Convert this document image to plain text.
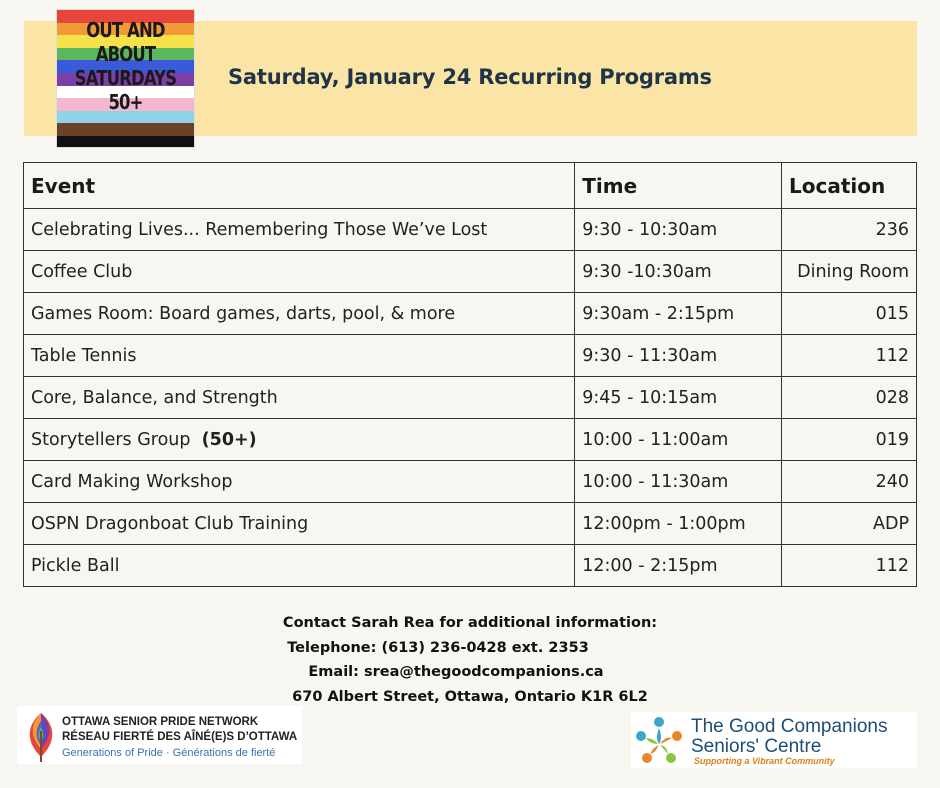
OUT AND
ABOUT
SATURDAYS
50+
Saturday, January 24 Recurring Programs
Event	Time	Location
Celebrating Lives... Remembering Those We’ve Lost	9:30 - 10:30am	236
Coffee Club	9:30 -10:30am	Dining Room
Games Room: Board games, darts, pool, & more	9:30am - 2:15pm	015
Table Tennis	9:30 - 11:30am	112
Core, Balance, and Strength	9:45 - 10:15am	028
Storytellers Group (50+)	10:00 - 11:00am	019
Card Making Workshop	10:00 - 11:30am	240
OSPN Dragonboat Club Training	12:00pm - 1:00pm	ADP
Pickle Ball	12:00 - 2:15pm	112
Contact Sarah Rea for additional information:
Telephone: (613) 236-0428 ext. 2353
Email: srea@thegoodcompanions.ca
670 Albert Street, Ottawa, Ontario K1R 6L2
OTTAWA SENIOR PRIDE NETWORK
RÉSEAU FIERTÉ DES AÎNÉ(E)S D’OTTAWA
Generations of Pride · Générations de fierté
The Good Companions
Seniors' Centre
Supporting a Vibrant Community
